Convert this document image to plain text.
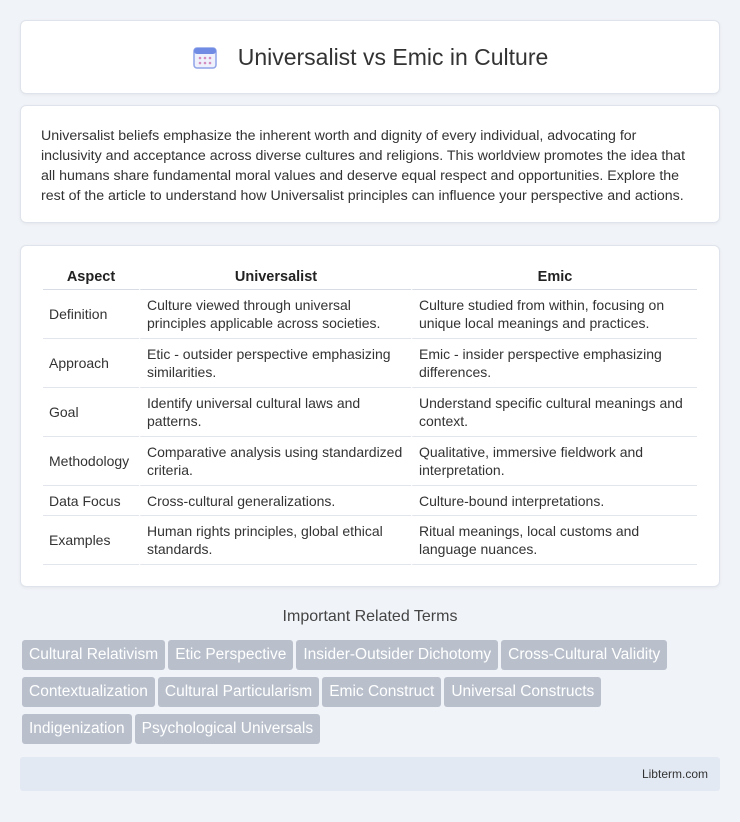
Universalist vs Emic in Culture

Universalist beliefs emphasize the inherent worth and dignity of every individual, advocating for inclusivity and acceptance across diverse cultures and religions. This worldview promotes the idea that all humans share fundamental moral values and deserve equal respect and opportunities. Explore the rest of the article to understand how Universalist principles can influence your perspective and actions.

Aspect	Universalist	Emic
Definition	Culture viewed through universal principles applicable across societies.	Culture studied from within, focusing on unique local meanings and practices.
Approach	Etic - outsider perspective emphasizing similarities.	Emic - insider perspective emphasizing differences.
Goal	Identify universal cultural laws and patterns.	Understand specific cultural meanings and context.
Methodology	Comparative analysis using standardized criteria.	Qualitative, immersive fieldwork and interpretation.
Data Focus	Cross-cultural generalizations.	Culture-bound interpretations.
Examples	Human rights principles, global ethical standards.	Ritual meanings, local customs and language nuances.
Important Related Terms
Cultural Relativism Etic Perspective Insider-Outsider Dichotomy Cross-Cultural Validity
Contextualization Cultural Particularism Emic Construct Universal Constructs
Indigenization Psychological Universals
Libterm.com
